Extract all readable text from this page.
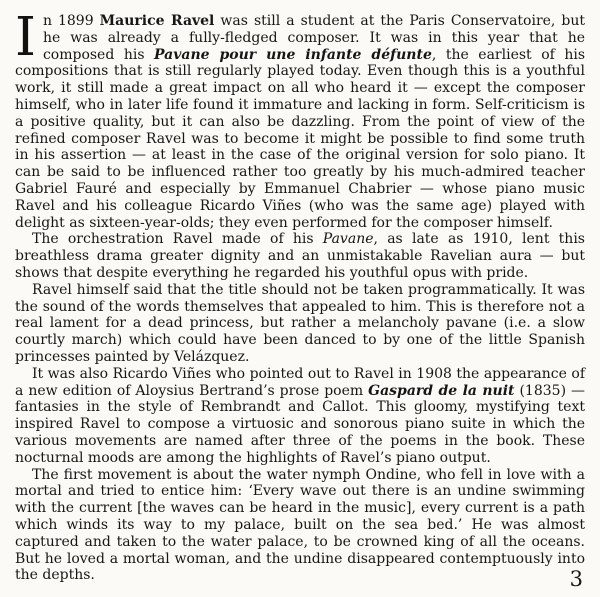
In 1899 Maurice Ravel was still a student at the Paris Conservatoire, but he was already a fully-fledged composer. It was in this year that he composed his Pavane pour une infante défunte, the earliest of his compositions that is still regularly played today. Even though this is a youthful work, it still made a great impact on all who heard it — except the composer himself, who in later life found it immature and lacking in form. Self-criticism is a positive quality, but it can also be dazzling. From the point of view of the refined composer Ravel was to become it might be possible to find some truth in his assertion — at least in the case of the original version for solo piano. It can be said to be influenced rather too greatly by his much-admired teacher Gabriel Fauré and especially by Emmanuel Chabrier — whose piano music Ravel and his colleague Ricardo Viñes (who was the same age) played with delight as sixteen-year-olds; they even performed for the composer himself.

The orchestration Ravel made of his Pavane, as late as 1910, lent this breathless drama greater dignity and an unmistakable Ravelian aura — but shows that despite everything he regarded his youthful opus with pride.

Ravel himself said that the title should not be taken programmatically. It was the sound of the words themselves that appealed to him. This is therefore not a real lament for a dead princess, but rather a melancholy pavane (i.e. a slow courtly march) which could have been danced to by one of the little Spanish princesses painted by Velázquez.

It was also Ricardo Viñes who pointed out to Ravel in 1908 the appearance of a new edition of Aloysius Bertrand’s prose poem Gaspard de la nuit (1835) — fantasies in the style of Rembrandt and Callot. This gloomy, mystifying text inspired Ravel to compose a virtuosic and sonorous piano suite in which the various movements are named after three of the poems in the book. These nocturnal moods are among the highlights of Ravel’s piano output.

The first movement is about the water nymph Ondine, who fell in love with a mortal and tried to entice him: ‘Every wave out there is an undine swimming with the current [the waves can be heard in the music], every current is a path which winds its way to my palace, built on the sea bed.’ He was almost captured and taken to the water palace, to be crowned king of all the oceans. But he loved a mortal woman, and the undine disappeared contemptuously into the depths.	3
